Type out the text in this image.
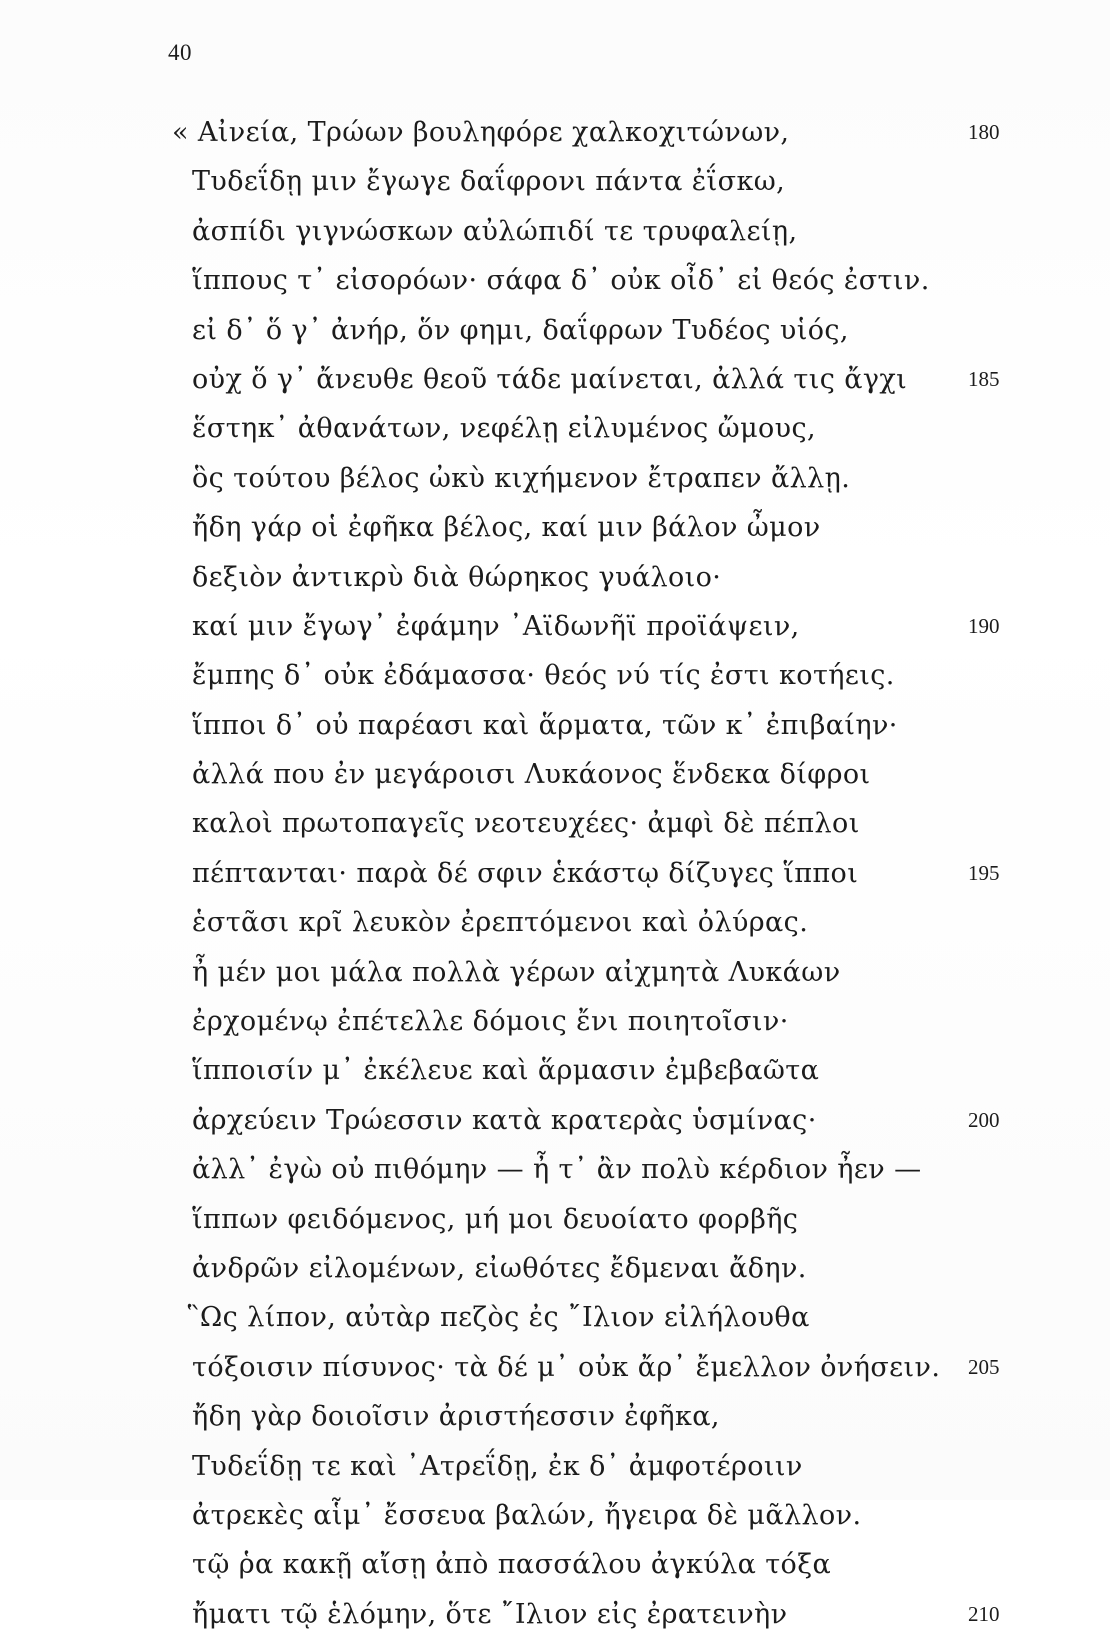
40
« Αἰνεία, Τρώων βουληφόρε χαλκοχιτώνων,	180
Τυδεΐδῃ μιν ἔγωγε δαΐφρονι πάντα ἐΐσκω,
ἀσπίδι γιγνώσκων αὐλώπιδί τε τρυφαλείῃ,
ἵππους τ᾽ εἰσορόων· σάφα δ᾽ οὐκ οἶδ᾽ εἰ θεός ἐστιν.
εἰ δ᾽ ὅ γ᾽ ἀνήρ, ὅν φημι, δαΐφρων Τυδέος υἱός,
οὐχ ὅ γ᾽ ἄνευθε θεοῦ τάδε μαίνεται, ἀλλά τις ἄγχι	185
ἕστηκ᾽ ἀθανάτων, νεφέλῃ εἰλυμένος ὤμους,
ὃς τούτου βέλος ὠκὺ κιχήμενον ἔτραπεν ἄλλῃ.
ἤδη γάρ οἱ ἐφῆκα βέλος, καί μιν βάλον ὦμον
δεξιὸν ἀντικρὺ διὰ θώρηκος γυάλοιο·
καί μιν ἔγωγ᾽ ἐφάμην ᾽Αϊδωνῆϊ προϊάψειν,	190
ἔμπης δ᾽ οὐκ ἐδάμασσα· θεός νύ τίς ἐστι κοτήεις.
ἵπποι δ᾽ οὐ παρέασι καὶ ἅρματα, τῶν κ᾽ ἐπιβαίην·
ἀλλά που ἐν μεγάροισι Λυκάονος ἕνδεκα δίφροι
καλοὶ πρωτοπαγεῖς νεοτευχέες· ἀμφὶ δὲ πέπλοι
πέπτανται· παρὰ δέ σφιν ἑκάστῳ δίζυγες ἵπποι	195
ἑστᾶσι κρῖ λευκὸν ἐρεπτόμενοι καὶ ὀλύρας.
ἦ μέν μοι μάλα πολλὰ γέρων αἰχμητὰ Λυκάων
ἐρχομένῳ ἐπέτελλε δόμοις ἔνι ποιητοῖσιν·
ἵπποισίν μ᾽ ἐκέλευε καὶ ἅρμασιν ἐμβεβαῶτα
ἀρχεύειν Τρώεσσιν κατὰ κρατερὰς ὑσμίνας·	200
ἀλλ᾽ ἐγὼ οὐ πιθόμην — ἦ τ᾽ ἂν πολὺ κέρδιον ἦεν —
ἵππων φειδόμενος, μή μοι δευοίατο φορβῆς
ἀνδρῶν εἰλομένων, εἰωθότες ἔδμεναι ἄδην.
῝Ως λίπον, αὐτὰρ πεζὸς ἐς ῎Ιλιον εἰλήλουθα
τόξοισιν πίσυνος· τὰ δέ μ᾽ οὐκ ἄρ᾽ ἔμελλον ὀνήσειν. 205
ἤδη γὰρ δοιοῖσιν ἀριστήεσσιν ἐφῆκα,
Τυδεΐδῃ τε καὶ ᾽Ατρεΐδῃ, ἐκ δ᾽ ἀμφοτέροιιν
ἀτρεκὲς αἷμ᾽ ἔσσευα βαλών, ἤγειρα δὲ μᾶλλον.
τῷ ῥα κακῇ αἴσῃ ἀπὸ πασσάλου ἀγκύλα τόξα
ἤματι τῷ ἑλόμην, ὅτε ῎Ιλιον εἰς ἐρατεινὴν	210
